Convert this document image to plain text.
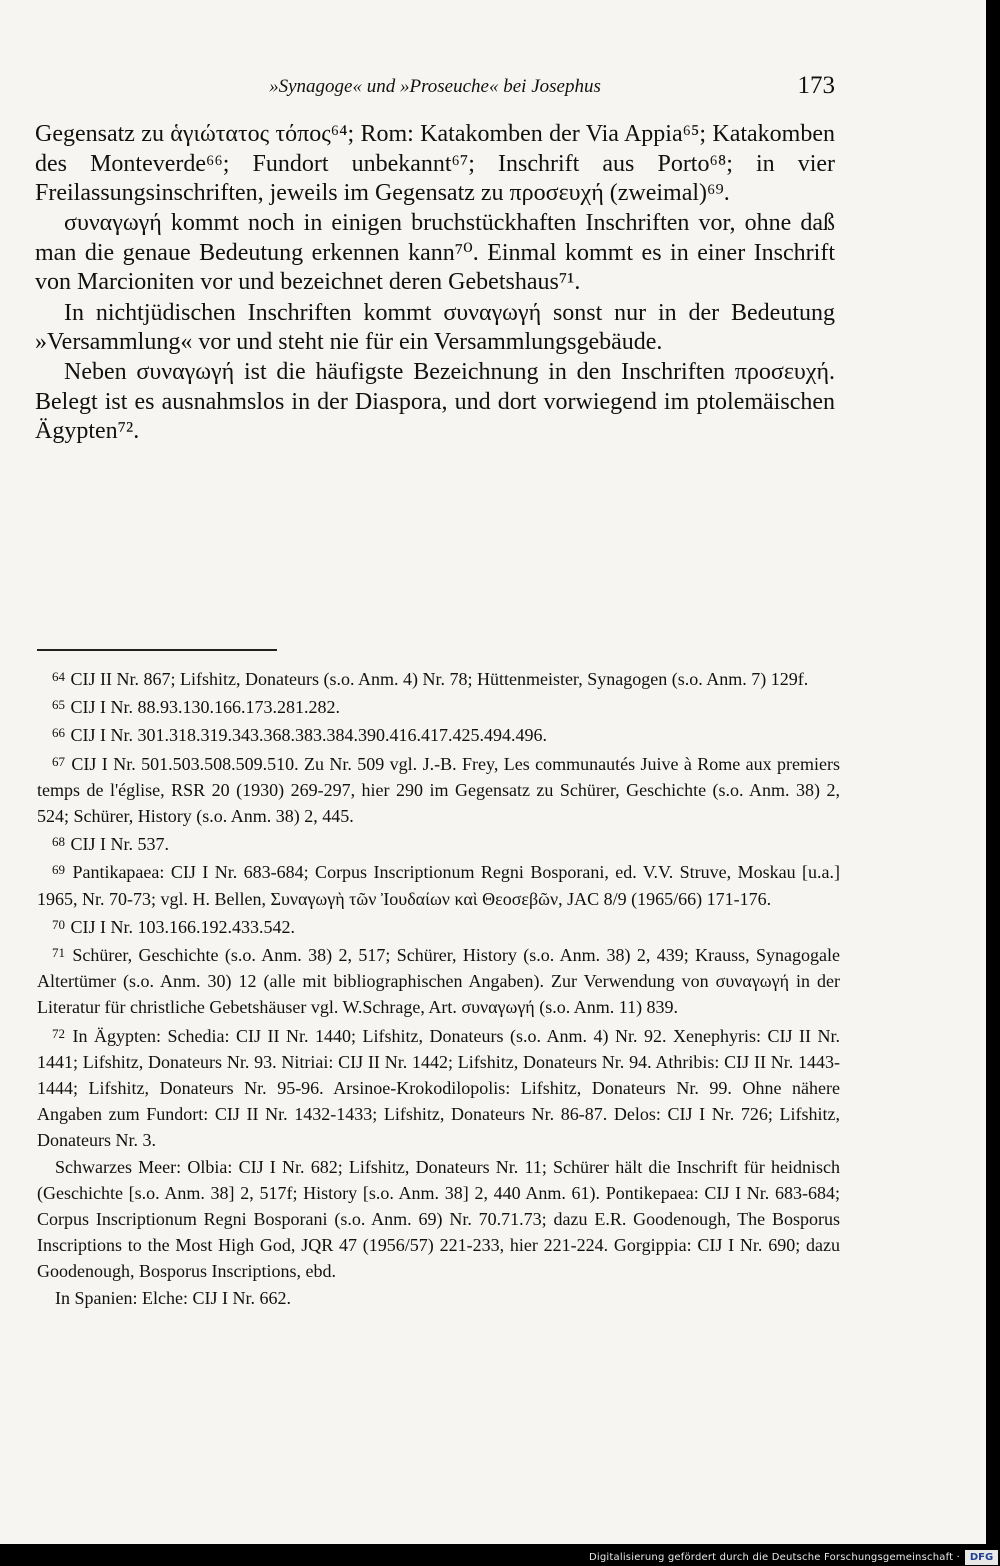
»Synagoge« und »Proseuche« bei Josephus	173

Gegensatz zu ἁγιώτατος τόπος⁶⁴; Rom: Katakomben der Via Appia⁶⁵; Katakomben des Monteverde⁶⁶; Fundort unbekannt⁶⁷; Inschrift aus Porto⁶⁸; in vier Freilassungsinschriften, jeweils im Gegensatz zu προσευχή (zweimal)⁶⁹.

συναγωγή kommt noch in einigen bruchstückhaften Inschriften vor, ohne daß man die genaue Bedeutung erkennen kann⁷⁰. Einmal kommt es in einer Inschrift von Marcioniten vor und bezeichnet deren Gebetshaus⁷¹.

In nichtjüdischen Inschriften kommt συναγωγή sonst nur in der Bedeutung »Versammlung« vor und steht nie für ein Versammlungsgebäude.

Neben συναγωγή ist die häufigste Bezeichnung in den Inschriften προσευχή. Belegt ist es ausnahmslos in der Diaspora, und dort vorwiegend im ptolemäischen Ägypten⁷².

$^{64}$ CIJ II Nr. 867; Lifshitz, Donateurs (s.o. Anm. 4) Nr. 78; Hüttenmeister, Synagogen (s.o. Anm. 7) 129f.

$^{65}$ CIJ I Nr. 88.93.130.166.173.281.282.

$^{66}$ CIJ I Nr. 301.318.319.343.368.383.384.390.416.417.425.494.496.

$^{67}$ CIJ I Nr. 501.503.508.509.510. Zu Nr. 509 vgl. J.-B. Frey, Les communautés Juive à Rome aux premiers temps de l'église, RSR 20 (1930) 269-297, hier 290 im Gegensatz zu Schürer, Geschichte (s.o. Anm. 38) 2, 524; Schürer, History (s.o. Anm. 38) 2, 445.

$^{68}$ CIJ I Nr. 537.

$^{69}$ Pantikapaea: CIJ I Nr. 683-684; Corpus Inscriptionum Regni Bosporani, ed. V.V. Struve, Moskau [u.a.] 1965, Nr. 70-73; vgl. H. Bellen, Συναγωγὴ τῶν Ἰουδαίων καὶ Θεοσεβῶν, JAC 8/9 (1965/66) 171-176.

$^{70}$ CIJ I Nr. 103.166.192.433.542.

$^{71}$ Schürer, Geschichte (s.o. Anm. 38) 2, 517; Schürer, History (s.o. Anm. 38) 2, 439; Krauss, Synagogale Altertümer (s.o. Anm. 30) 12 (alle mit bibliographischen Angaben). Zur Verwendung von συναγωγή in der Literatur für christliche Gebetshäuser vgl. W.Schrage, Art. συναγωγή (s.o. Anm. 11) 839.

$^{72}$ In Ägypten: Schedia: CIJ II Nr. 1440; Lifshitz, Donateurs (s.o. Anm. 4) Nr. 92. Xenephyris: CIJ II Nr. 1441; Lifshitz, Donateurs Nr. 93. Nitriai: CIJ II Nr. 1442; Lifshitz, Donateurs Nr. 94. Athribis: CIJ II Nr. 1443-1444; Lifshitz, Donateurs Nr. 95-96. Arsinoe-Krokodilopolis: Lifshitz, Donateurs Nr. 99. Ohne nähere Angaben zum Fundort: CIJ II Nr. 1432-1433; Lifshitz, Donateurs Nr. 86-87. Delos: CIJ I Nr. 726; Lifshitz, Donateurs Nr. 3.

Schwarzes Meer: Olbia: CIJ I Nr. 682; Lifshitz, Donateurs Nr. 11; Schürer hält die Inschrift für heidnisch (Geschichte [s.o. Anm. 38] 2, 517f; History [s.o. Anm. 38] 2, 440 Anm. 61). Pontikepaea: CIJ I Nr. 683-684; Corpus Inscriptionum Regni Bosporani (s.o. Anm. 69) Nr. 70.71.73; dazu E.R. Goodenough, The Bosporus Inscriptions to the Most High God, JQR 47 (1956/57) 221-233, hier 221-224. Gorgippia: CIJ I Nr. 690; dazu Goodenough, Bosporus Inscriptions, ebd.

In Spanien: Elche: CIJ I Nr. 662.

Digitalisierung gefördert durch die Deutsche Forschungsgemeinschaft · DFG
